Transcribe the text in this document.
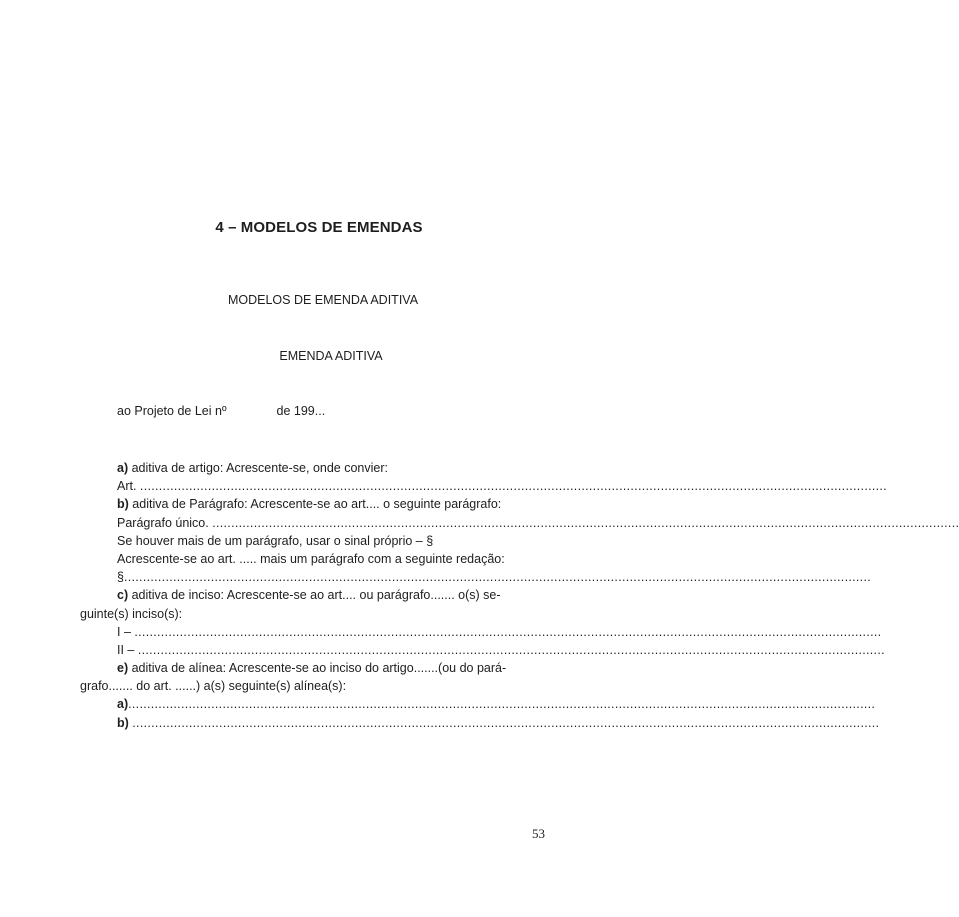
4 – MODELOS DE EMENDAS
MODELOS DE EMENDA ADITIVA
EMENDA ADITIVA
ao Projeto de Lei nº	de 199...
a) aditiva de artigo: Acrescente-se, onde convier:
Art. ......................................................................................................................................................................................................
b) aditiva de Parágrafo: Acrescente-se ao art.... o seguinte parágrafo:
Parágrafo único. ......................................................................................................................................................................................................
Se houver mais de um parágrafo, usar o sinal próprio – §
Acrescente-se ao art. ..... mais um parágrafo com a seguinte redação:
§ ......................................................................................................................................................................................................
c) aditiva de inciso: Acrescente-se ao art.... ou parágrafo....... o(s) se-
guinte(s) inciso(s):
I – ......................................................................................................................................................................................................
II – ......................................................................................................................................................................................................
e) aditiva de alínea: Acrescente-se ao inciso do artigo.......(ou do pará-
grafo....... do art. ......) a(s) seguinte(s) alínea(s):
a) ......................................................................................................................................................................................................
b) ......................................................................................................................................................................................................
53
